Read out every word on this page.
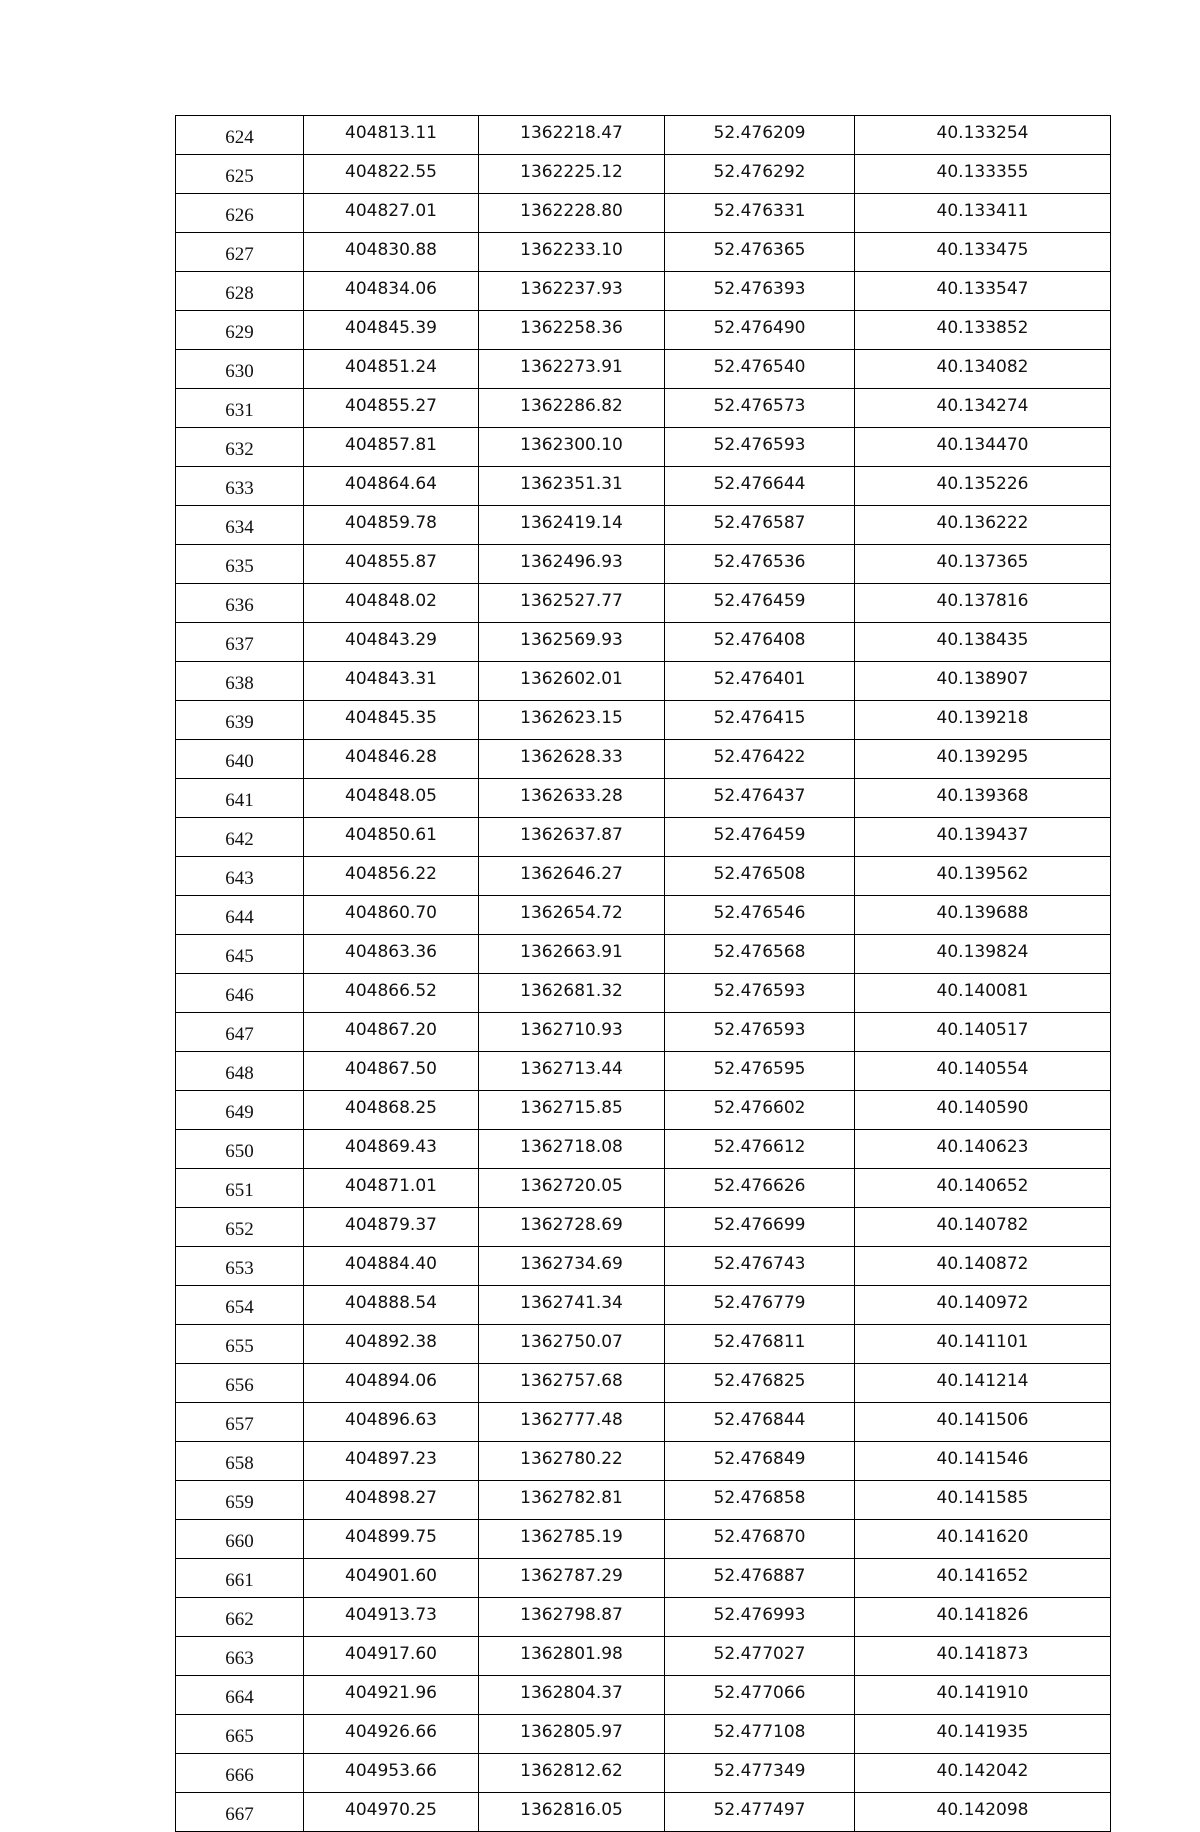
624	404813.11	1362218.47	52.476209	40.133254
625	404822.55	1362225.12	52.476292	40.133355
626	404827.01	1362228.80	52.476331	40.133411
627	404830.88	1362233.10	52.476365	40.133475
628	404834.06	1362237.93	52.476393	40.133547
629	404845.39	1362258.36	52.476490	40.133852
630	404851.24	1362273.91	52.476540	40.134082
631	404855.27	1362286.82	52.476573	40.134274
632	404857.81	1362300.10	52.476593	40.134470
633	404864.64	1362351.31	52.476644	40.135226
634	404859.78	1362419.14	52.476587	40.136222
635	404855.87	1362496.93	52.476536	40.137365
636	404848.02	1362527.77	52.476459	40.137816
637	404843.29	1362569.93	52.476408	40.138435
638	404843.31	1362602.01	52.476401	40.138907
639	404845.35	1362623.15	52.476415	40.139218
640	404846.28	1362628.33	52.476422	40.139295
641	404848.05	1362633.28	52.476437	40.139368
642	404850.61	1362637.87	52.476459	40.139437
643	404856.22	1362646.27	52.476508	40.139562
644	404860.70	1362654.72	52.476546	40.139688
645	404863.36	1362663.91	52.476568	40.139824
646	404866.52	1362681.32	52.476593	40.140081
647	404867.20	1362710.93	52.476593	40.140517
648	404867.50	1362713.44	52.476595	40.140554
649	404868.25	1362715.85	52.476602	40.140590
650	404869.43	1362718.08	52.476612	40.140623
651	404871.01	1362720.05	52.476626	40.140652
652	404879.37	1362728.69	52.476699	40.140782
653	404884.40	1362734.69	52.476743	40.140872
654	404888.54	1362741.34	52.476779	40.140972
655	404892.38	1362750.07	52.476811	40.141101
656	404894.06	1362757.68	52.476825	40.141214
657	404896.63	1362777.48	52.476844	40.141506
658	404897.23	1362780.22	52.476849	40.141546
659	404898.27	1362782.81	52.476858	40.141585
660	404899.75	1362785.19	52.476870	40.141620
661	404901.60	1362787.29	52.476887	40.141652
662	404913.73	1362798.87	52.476993	40.141826
663	404917.60	1362801.98	52.477027	40.141873
664	404921.96	1362804.37	52.477066	40.141910
665	404926.66	1362805.97	52.477108	40.141935
666	404953.66	1362812.62	52.477349	40.142042
667	404970.25	1362816.05	52.477497	40.142098
